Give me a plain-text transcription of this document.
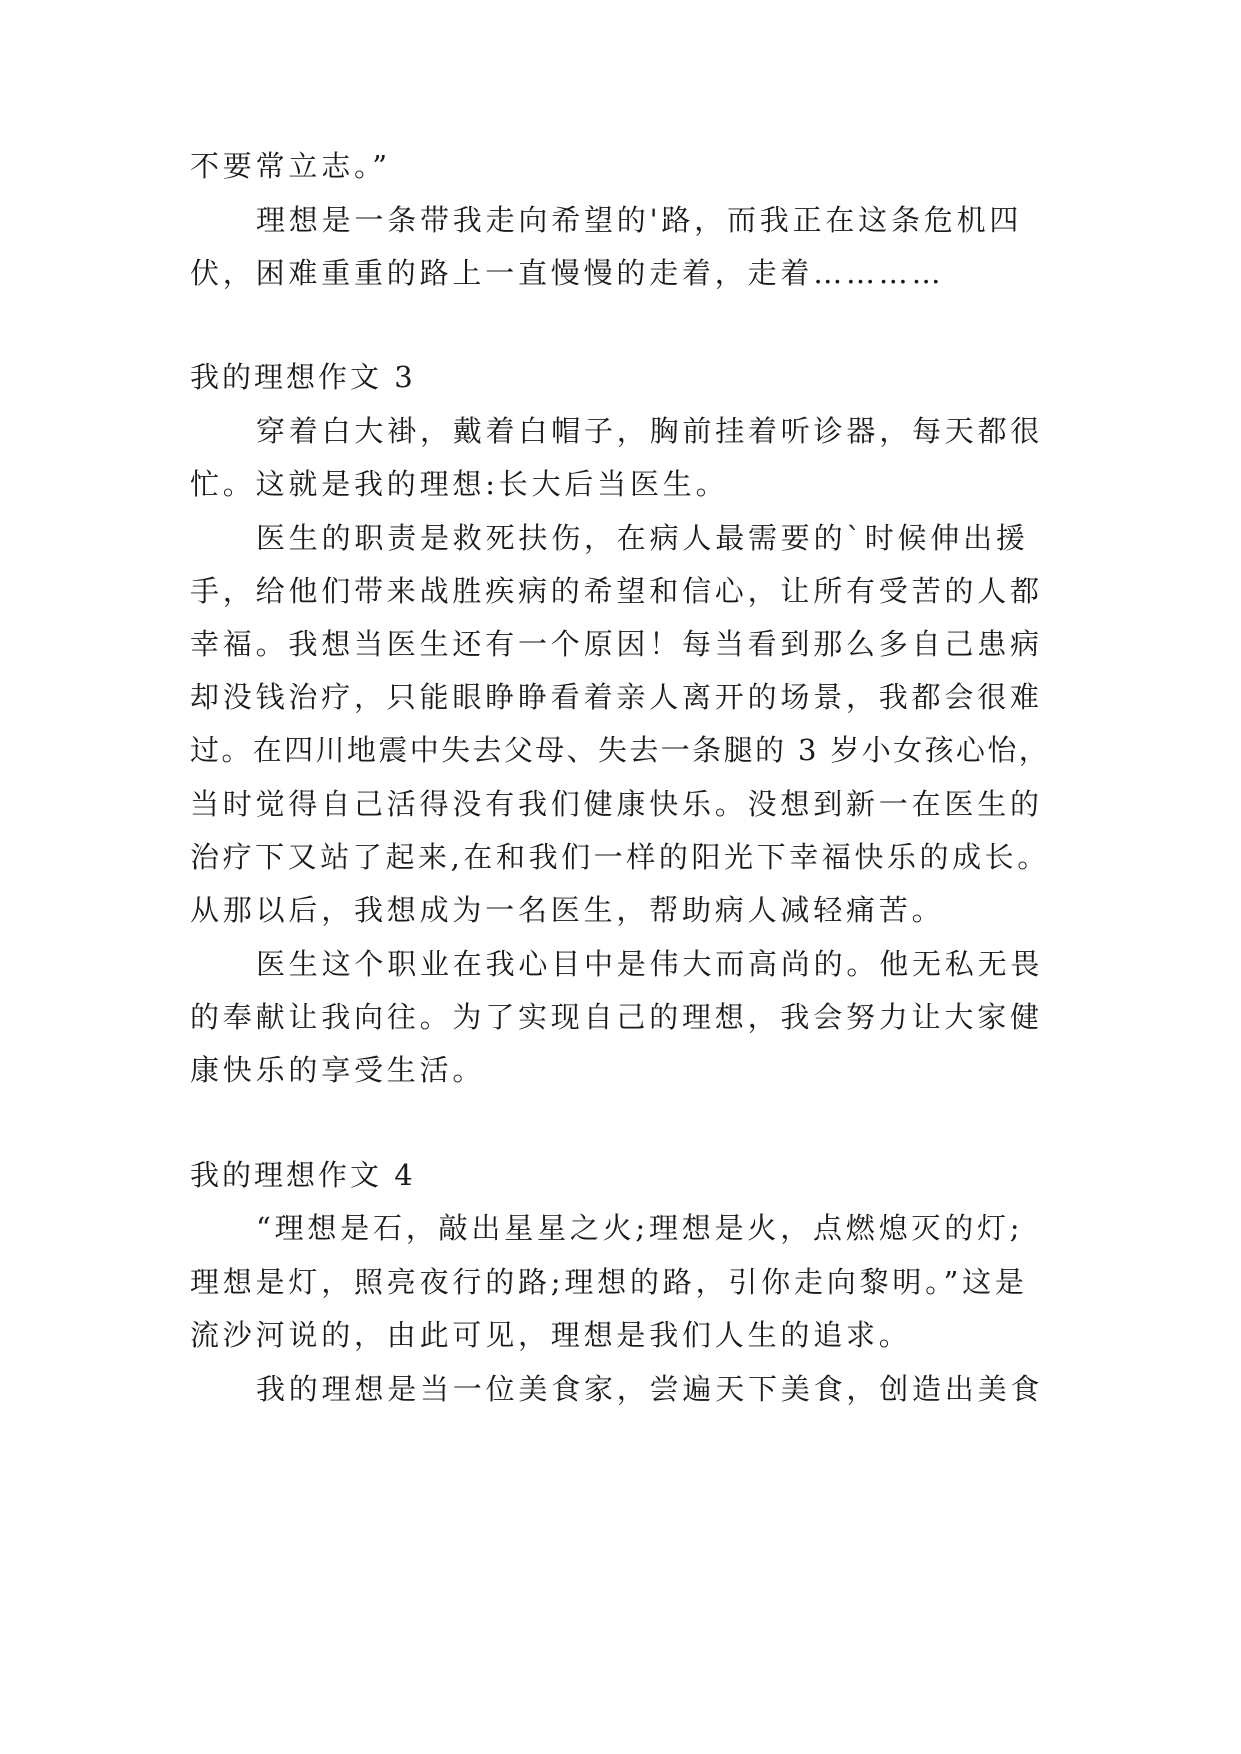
不要常立志。”
理想是一条带我走向希望的'路，而我正在这条危机四
伏，困难重重的路上一直慢慢的走着，走着…………
我的理想作文 3
穿着白大褂，戴着白帽子，胸前挂着听诊器，每天都很
忙。这就是我的理想:长大后当医生。
医生的职责是救死扶伤，在病人最需要的`时候伸出援
手，给他们带来战胜疾病的希望和信心，让所有受苦的人都
幸福。我想当医生还有一个原因！每当看到那么多自己患病
却没钱治疗，只能眼睁睁看着亲人离开的场景，我都会很难
过。在四川地震中失去父母、失去一条腿的 3 岁小女孩心怡，
当时觉得自己活得没有我们健康快乐。没想到新一在医生的
治疗下又站了起来,在和我们一样的阳光下幸福快乐的成长。
从那以后，我想成为一名医生，帮助病人减轻痛苦。
医生这个职业在我心目中是伟大而高尚的。他无私无畏
的奉献让我向往。为了实现自己的理想，我会努力让大家健
康快乐的享受生活。
我的理想作文 4
“理想是石，敲出星星之火;理想是火，点燃熄灭的灯;
理想是灯，照亮夜行的路;理想的路，引你走向黎明。”这是
流沙河说的，由此可见，理想是我们人生的追求。
我的理想是当一位美食家，尝遍天下美食，创造出美食
